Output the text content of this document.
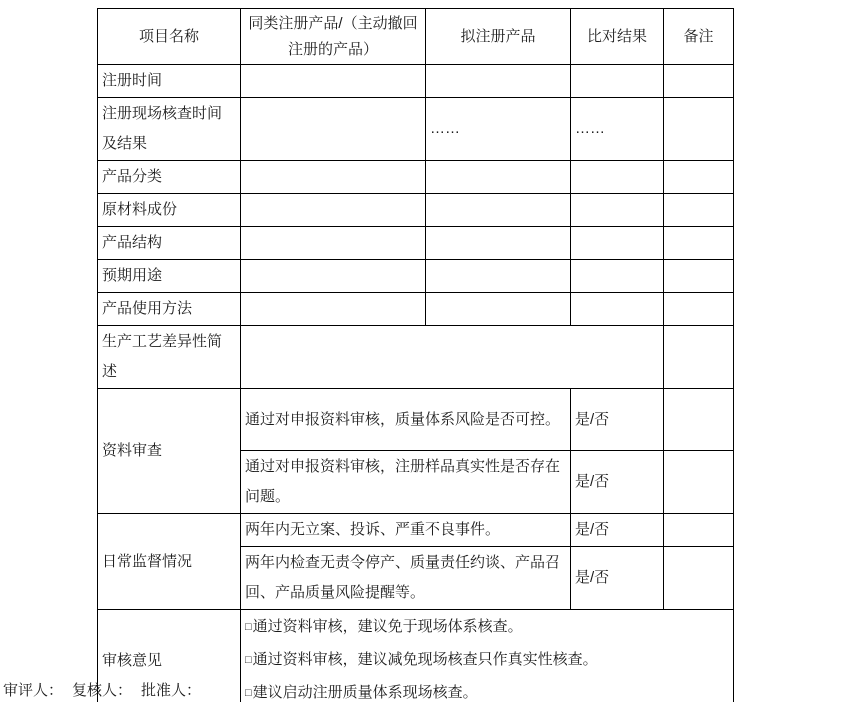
项目名称	同类注册产品/（主动撤回注册的产品）	拟注册产品	比对结果	备注
注册时间				
注册现场核查时间及结果		……	……	
产品分类				
原材料成份				
产品结构				
预期用途				
产品使用方法				
生产工艺差异性简述				
资料审查	通过对申报资料审核，质量体系风险是否可控。		是/否	
	通过对申报资料审核，注册样品真实性是否存在问题。		是/否	
日常监督情况	两年内无立案、投诉、严重不良事件。		是/否	
	两年内检查无责令停产、质量责任约谈、产品召回、产品质量风险提醒等。		是/否	
审核意见	□通过资料审核，建议免于现场体系核查。
□通过资料审核，建议减免现场核查只作真实性核查。
□建议启动注册质量体系现场核查。			
审评人： 复核人： 批准人：
